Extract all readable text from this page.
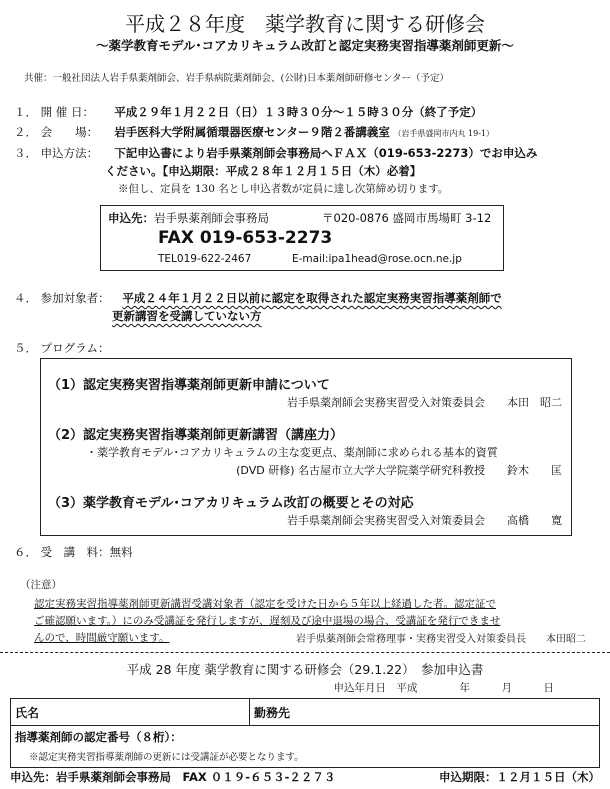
平成２８年度　薬学教育に関する研修会
～薬学教育モデル･コアカリキュラム改訂と認定実務実習指導薬剤師更新～
共催：一般社団法人岩手県薬剤師会、岩手県病院薬剤師会、(公財)日本薬剤師研修センター（予定）
１． 開 催 日： 平成２９年１月２２日（日）１３時３０分～１５時３０分（終了予定）
２． 会　　場： 岩手医科大学附属循環器医療センター９階２番講義室 （岩手県盛岡市内丸 19-1）
３． 申込方法： 下記申込書により岩手県薬剤師会事務局へＦＡＸ（019-653-2273）でお申込み
ください。【申込期限：平成２８年１２月１５日（木）必着】
※但し、定員を 130 名とし申込者数が定員に達し次第締め切ります。
申込先：岩手県薬剤師会事務局	〒020-0876 盛岡市馬場町 3-12
FAX 019-653-2273
TEL019-622-2467	E-mail:ipa1head@rose.ocn.ne.jp
４． 参加対象者： 平成２４年１月２２日以前に認定を取得された認定実務実習指導薬剤師で
更新講習を受講していない方
５． プログラム：
（1）認定実務実習指導薬剤師更新申請について
岩手県薬剤師会実務実習受入対策委員会　　本田　昭二
（2）認定実務実習指導薬剤師更新講習（講座力）
・薬学教育モデル･コアカリキュラムの主な変更点、薬剤師に求められる基本的資質
(DVD 研修) 名古屋市立大学大学院薬学研究科教授　　鈴木　　匡
（3）薬学教育モデル･コアカリキュラム改訂の概要とその対応
岩手県薬剤師会実務実習受入対策委員会　　高橋　　寛
６． 受　講　料：無料
（注意）
認定実務実習指導薬剤師更新講習受講対象者（認定を受けた日から５年以上経過した者。認定証で
ご確認願います。）にのみ受講証を発行しますが、遅刻及び途中退場の場合、受講証を発行できませ
んので、時間厳守願います。	岩手県薬剤師会常務理事・実務実習受入対策委員長　　本田昭二
平成 28 年度 薬学教育に関する研修会（29.1.22）　参加申込書
申込年月日　平成　　　　年　　　月　　　日
氏名		勤務先	

指導薬剤師の認定番号（８桁）：
※認定実務実習指導薬剤師の更新には受講証が必要となります。
申込先：岩手県薬剤師会事務局　FAX ０１９-６５３-２２７３	申込期限：１２月１５日（木）
